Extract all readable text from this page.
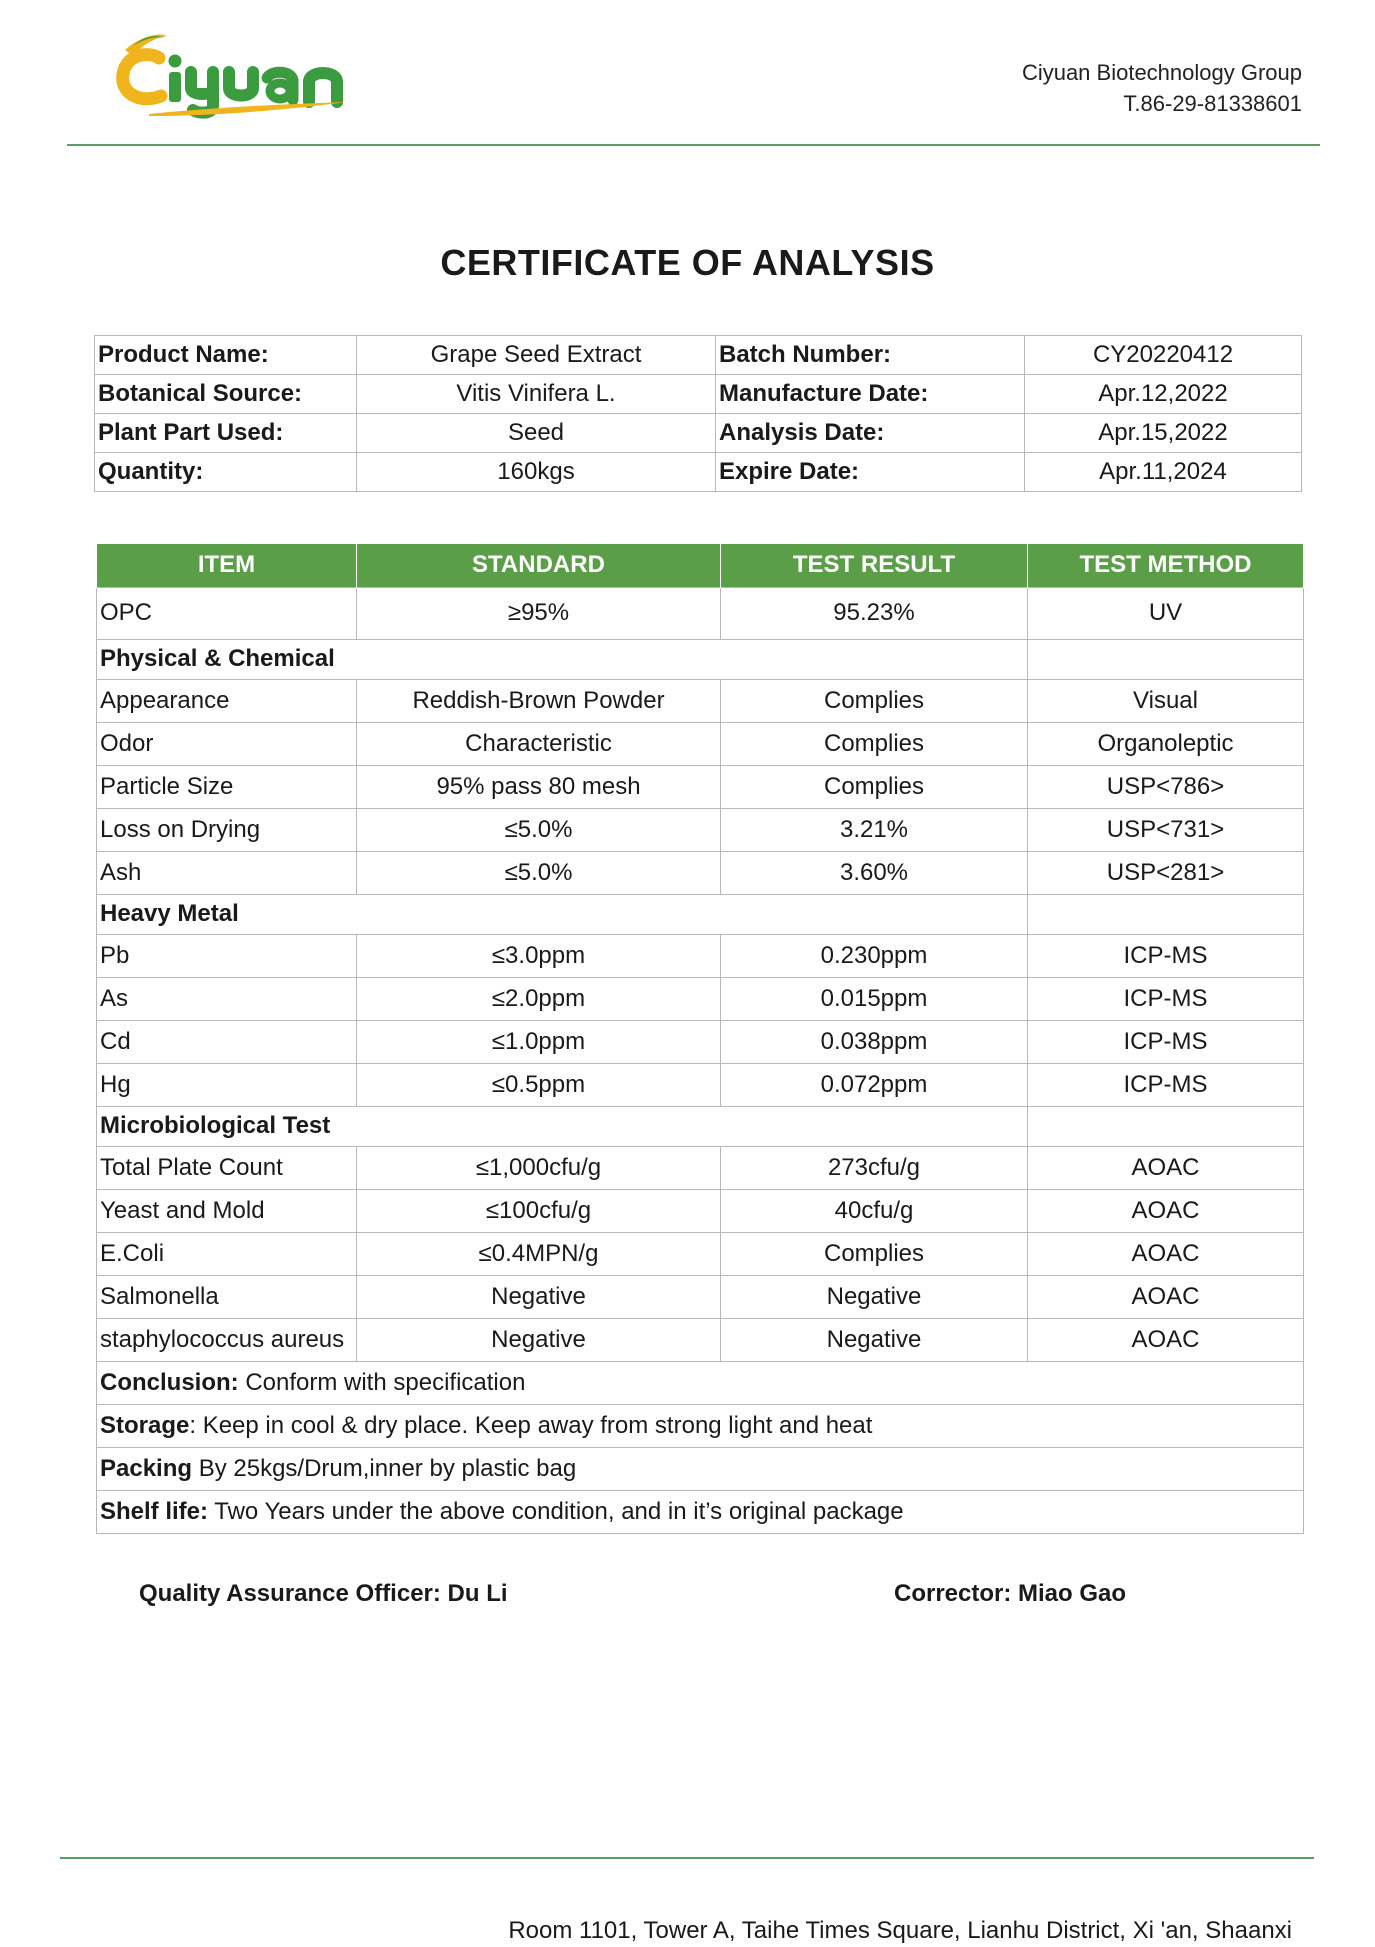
Ciyuan Biotechnology Group
T.86-29-81338601
CERTIFICATE OF ANALYSIS
Product Name:	Grape Seed Extract	Batch Number:	CY20220412
Botanical Source:	Vitis Vinifera L.	Manufacture Date:	Apr.12,2022
Plant Part Used:	Seed	Analysis Date:	Apr.15,2022
Quantity:	160kgs	Expire Date:	Apr.11,2024
ITEM	STANDARD	TEST RESULT	TEST METHOD
OPC	≥95%	95.23%	UV
Physical & Chemical			
Appearance	Reddish-Brown Powder	Complies	Visual
Odor	Characteristic	Complies	Organoleptic
Particle Size	95% pass 80 mesh	Complies	USP<786>
Loss on Drying	≤5.0%	3.21%	USP<731>
Ash	≤5.0%	3.60%	USP<281>
Heavy Metal			
Pb	≤3.0ppm	0.230ppm	ICP-MS
As	≤2.0ppm	0.015ppm	ICP-MS
Cd	≤1.0ppm	0.038ppm	ICP-MS
Hg	≤0.5ppm	0.072ppm	ICP-MS
Microbiological Test			
Total Plate Count	≤1,000cfu/g	273cfu/g	AOAC
Yeast and Mold	≤100cfu/g	40cfu/g	AOAC
E.Coli	≤0.4MPN/g	Complies	AOAC
Salmonella	Negative	Negative	AOAC
staphylococcus aureus	Negative	Negative	AOAC
Conclusion: Conform with specification			
Storage: Keep in cool & dry place. Keep away from strong light and heat			
Packing By 25kgs/Drum,inner by plastic bag			
Shelf life: Two Years under the above condition, and in it’s original package			
Quality Assurance Officer: Du Li	Corrector: Miao Gao
Room 1101, Tower A, Taihe Times Square, Lianhu District, Xi 'an, Shaanxi
